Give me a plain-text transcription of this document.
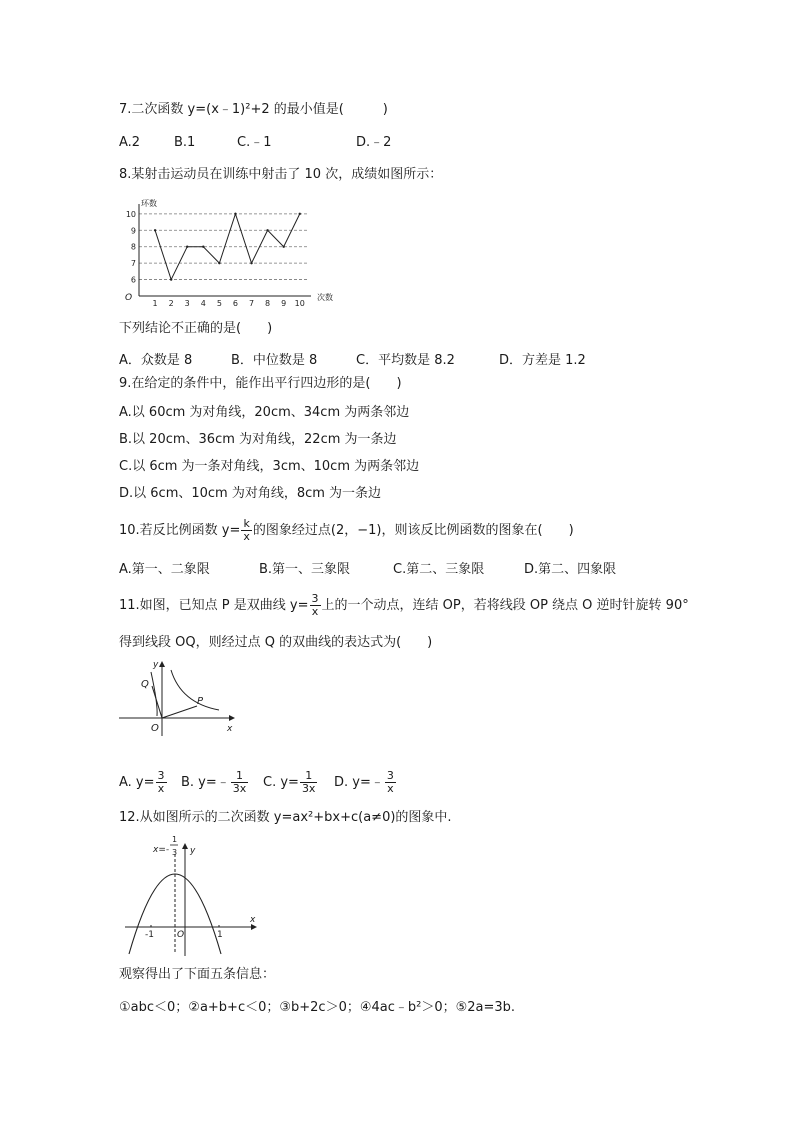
7.二次函数 y=(x﹣1)²+2 的最小值是(　　　)
A.2	B.1	C.﹣1	D.﹣2
8.某射击运动员在训练中射击了 10 次，成绩如图所示：
环数
次数
O
6
7
8
9
10
1 2 3 4 5 6 7 8 9 10
下列结论不正确的是(　　)
A．众数是 8	B．中位数是 8	C．平均数是 8.2	D．方差是 1.2
9.在给定的条件中，能作出平行四边形的是(　　)
A.以 60cm 为对角线，20cm、34cm 为两条邻边
B.以 20cm、36cm 为对角线，22cm 为一条边
C.以 6cm 为一条对角线，3cm、10cm 为两条邻边
D.以 6cm、10cm 为对角线，8cm 为一条边
10.若反比例函数 $y= \frac{k}{x}$ 的图象经过点(2，−1)，则该反比例函数的图象在(　　)
A.第一、二象限	B.第一、三象限	C.第二、三象限	D.第二、四象限
11.如图，已知点 P 是双曲线 $y= \frac{3}{x}$ 上的一个动点，连结 OP，若将线段 OP 绕点 O 逆时针旋转 90°
得到线段 OQ，则经过点 Q 的双曲线的表达式为(　　)
y
x
Q
P
O
A. $y= \frac{3}{x} B$. y=﹣ $\frac{1}{3x} C$. $y= \frac{1}{3x} D$. y=﹣ $\frac{3}{x}$
12.从如图所示的二次函数 y=ax²+bx+c(a≠0)的图象中.
x=-
1
3 y
x
-1	O	1
观察得出了下面五条信息：
①abc＜0；②a+b+c＜0；③b+2c＞0；④4ac﹣b²＞0；⑤2a=3b.
